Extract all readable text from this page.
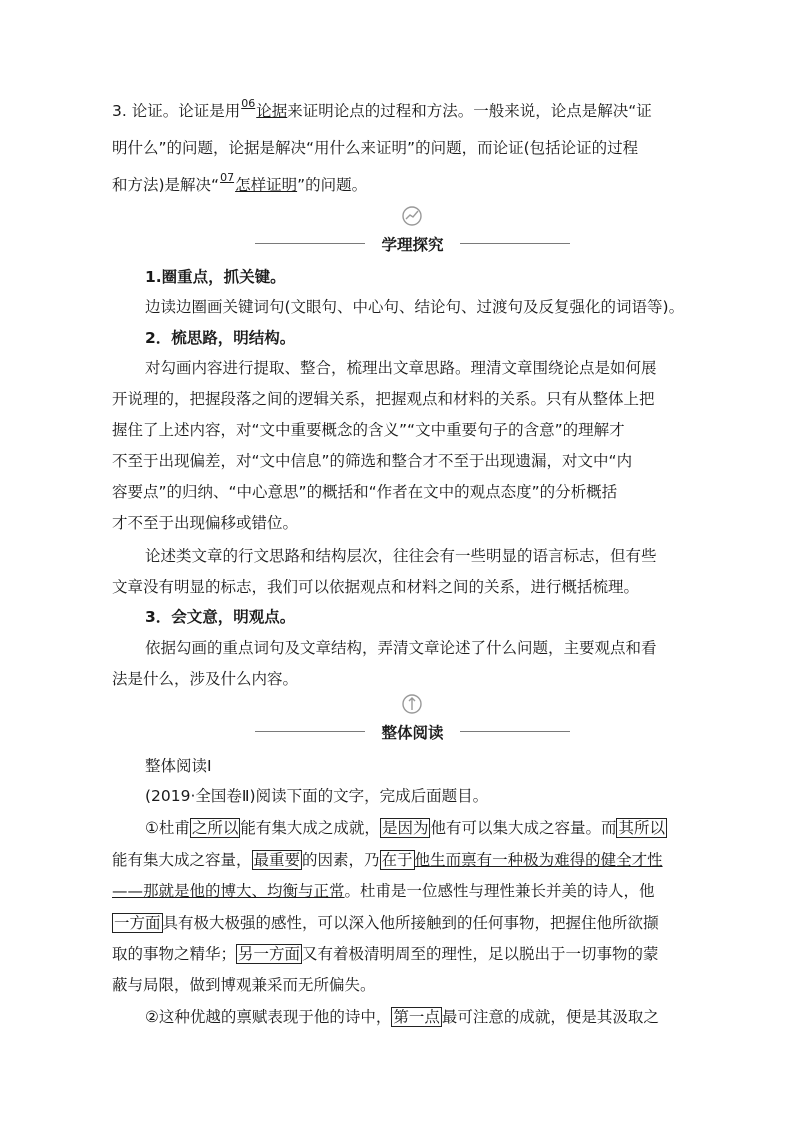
3. 论证。论证是用$^{06}$论据来证明论点的过程和方法。一般来说，论点是解决“证
明什么”的问题，论据是解决“用什么来证明”的问题，而论证(包括论证的过程
和方法)是解决“$^{07}$怎样证明”的问题。
学理探究
1.圈重点，抓关键。
边读边圈画关键词句(文眼句、中心句、结论句、过渡句及反复强化的词语等)。
2．梳思路，明结构。
对勾画内容进行提取、整合，梳理出文章思路。理清文章围绕论点是如何展
开说理的，把握段落之间的逻辑关系，把握观点和材料的关系。只有从整体上把
握住了上述内容，对“文中重要概念的含义”“文中重要句子的含意”的理解才
不至于出现偏差，对“文中信息”的筛选和整合才不至于出现遗漏，对文中“内
容要点”的归纳、“中心意思”的概括和“作者在文中的观点态度”的分析概括
才不至于出现偏移或错位。
论述类文章的行文思路和结构层次，往往会有一些明显的语言标志，但有些
文章没有明显的标志，我们可以依据观点和材料之间的关系，进行概括梳理。
3．会文意，明观点。
依据勾画的重点词句及文章结构，弄清文章论述了什么问题，主要观点和看
法是什么，涉及什么内容。
整体阅读
整体阅读Ⅰ
(2019·全国卷Ⅱ)阅读下面的文字，完成后面题目。
①杜甫 之所以 能有集大成之成就， 是因为 他有可以集大成之容量。而 其所以
能有集大成之容量， 最重要 的因素，乃 在于 他生而禀有一种极为难得的健全才性
——那就是他的博大、均衡与正常。杜甫是一位感性与理性兼长并美的诗人，他
一方面 具有极大极强的感性，可以深入他所接触到的任何事物，把握住他所欲撷
取的事物之精华； 另一方面 又有着极清明周至的理性，足以脱出于一切事物的蒙
蔽与局限，做到博观兼采而无所偏失。
②这种优越的禀赋表现于他的诗中， 第一点 最可注意的成就，便是其汲取之
